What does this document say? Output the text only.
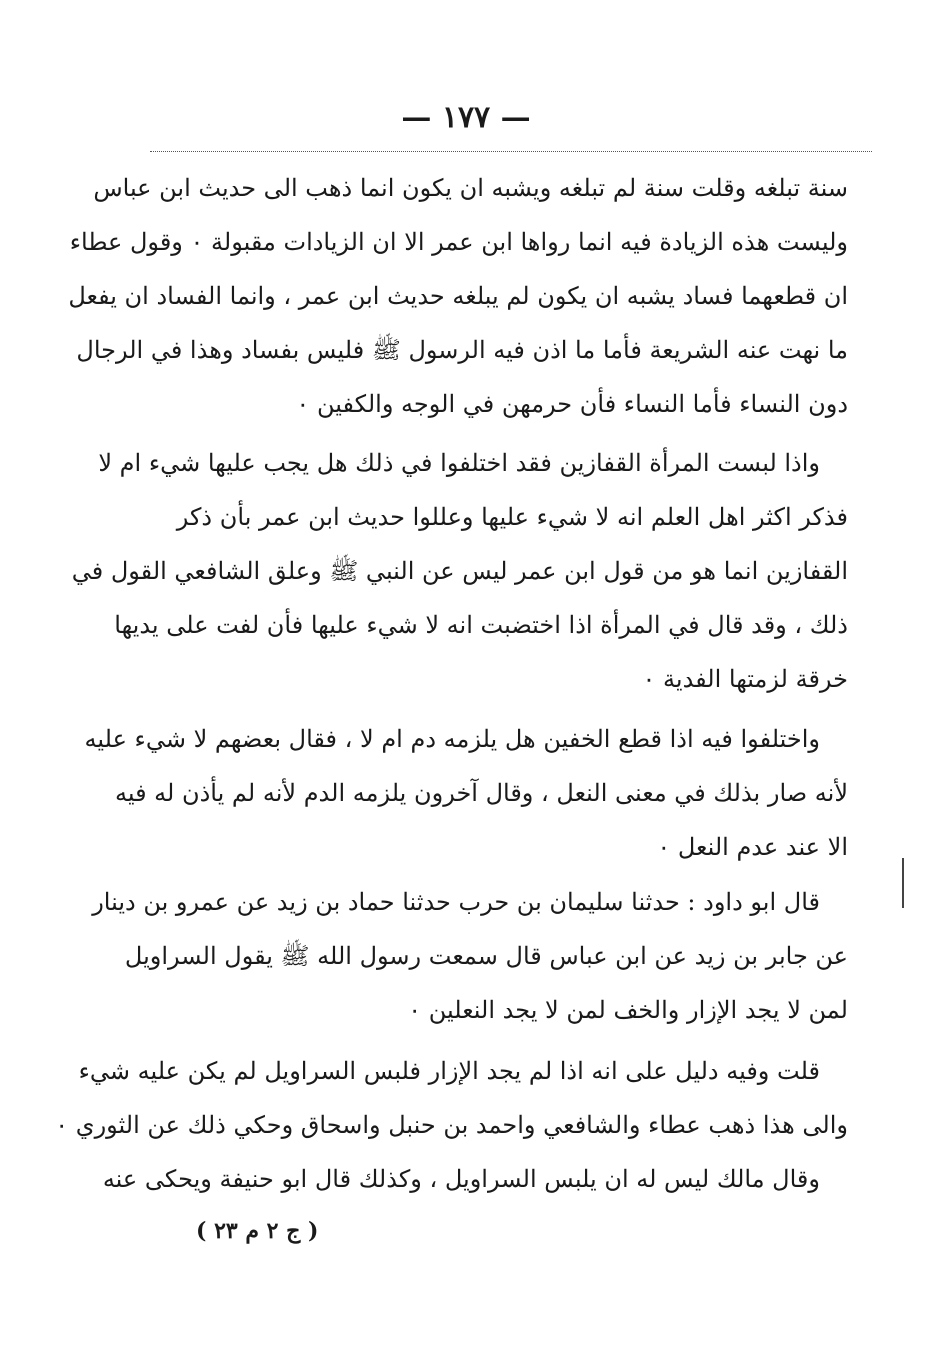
— ١٧٧ —
سنة تبلغه وقلت سنة لم تبلغه ويشبه ان يكون انما ذهب الى حديث ابن عباس
وليست هذه الزيادة فيه انما رواها ابن عمر الا ان الزيادات مقبولة ٠ وقول عطاء
ان قطعهما فساد يشبه ان يكون لم يبلغه حديث ابن عمر ، وانما الفساد ان يفعل
ما نهت عنه الشريعة فأما ما اذن فيه الرسول ﷺ فليس بفساد وهذا في الرجال
دون النساء فأما النساء فأن حرمهن في الوجه والكفين ٠
واذا لبست المرأة القفازين فقد اختلفوا في ذلك هل يجب عليها شيء ام لا
فذكر اكثر اهل العلم انه لا شيء عليها وعللوا حديث ابن عمر بأن ذكر
القفازين انما هو من قول ابن عمر ليس عن النبي ﷺ وعلق الشافعي القول في
ذلك ، وقد قال في المرأة اذا اختضبت انه لا شيء عليها فأن لفت على يديها
خرقة لزمتها الفدية ٠
واختلفوا فيه اذا قطع الخفين هل يلزمه دم ام لا ، فقال بعضهم لا شيء عليه
لأنه صار بذلك في معنى النعل ، وقال آخرون يلزمه الدم لأنه لم يأذن له فيه
الا عند عدم النعل ٠
قال ابو داود : حدثنا سليمان بن حرب حدثنا حماد بن زيد عن عمرو بن دينار
عن جابر بن زيد عن ابن عباس قال سمعت رسول الله ﷺ يقول السراويل
لمن لا يجد الإزار والخف لمن لا يجد النعلين ٠
قلت وفيه دليل على انه اذا لم يجد الإزار فلبس السراويل لم يكن عليه شيء
والى هذا ذهب عطاء والشافعي واحمد بن حنبل واسحاق وحكي ذلك عن الثوري ٠
وقال مالك ليس له ان يلبس السراويل ، وكذلك قال ابو حنيفة ويحكى عنه
( ج ٢ م ٢٣ )
